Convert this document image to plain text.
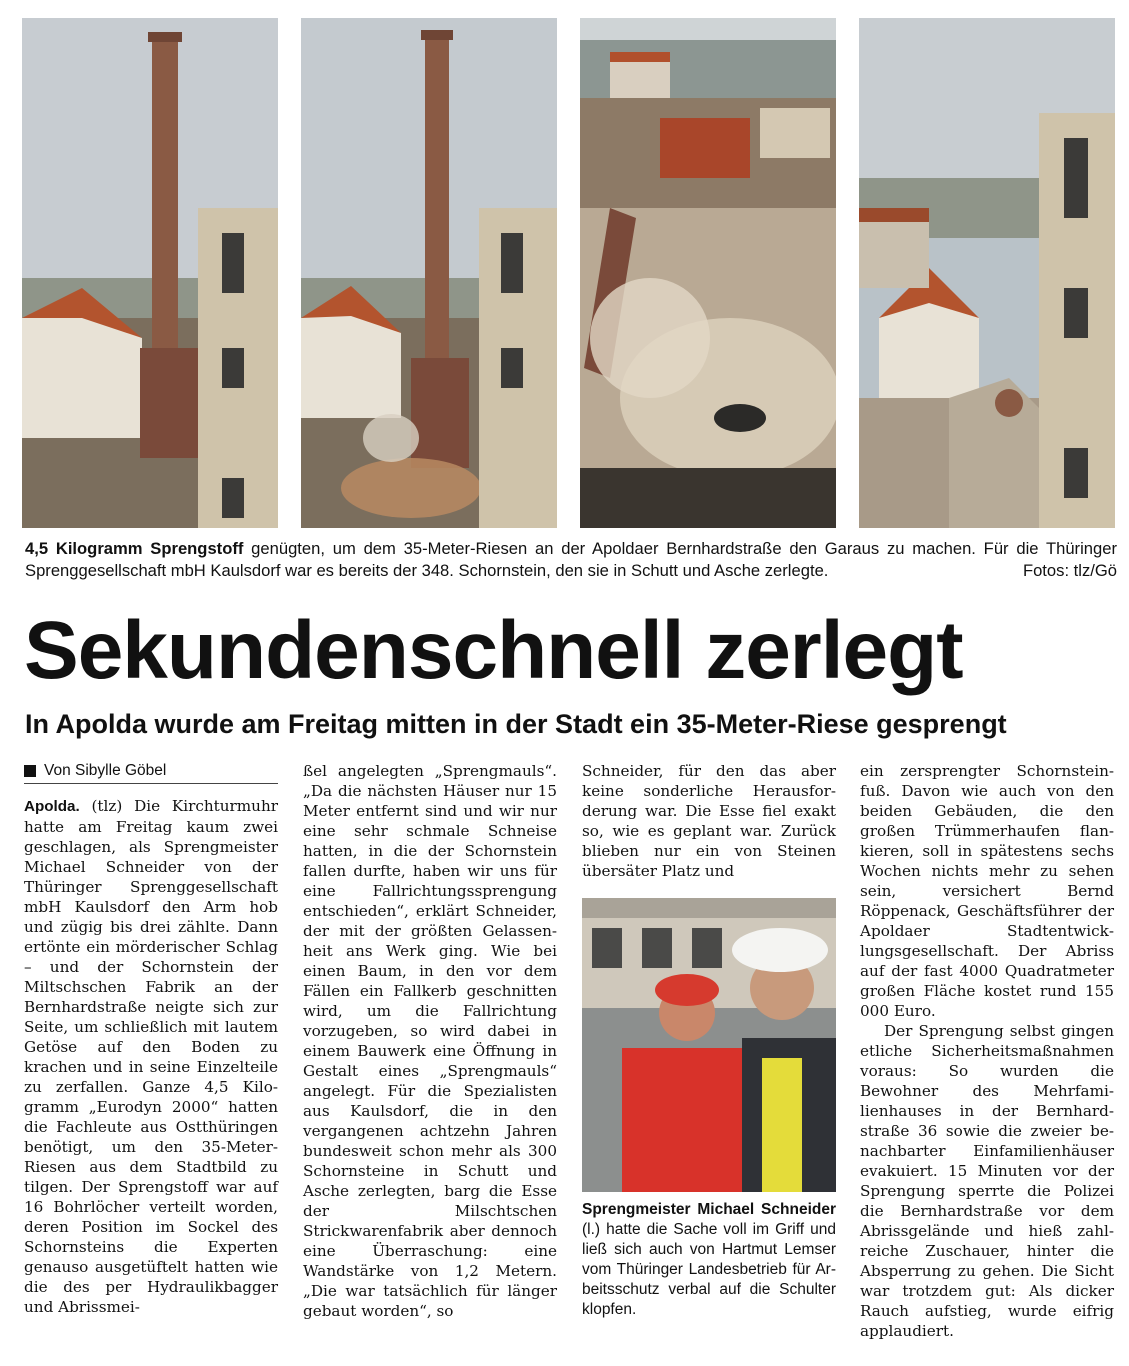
4,5 Kilogramm Sprengstoff genügten, um dem 35-Meter-Riesen an der Apoldaer Bernhardstraße den Garaus zu machen. Für die Thüringer Sprenggesellschaft mbH Kaulsdorf war es bereits der 348. Schornstein, den sie in Schutt und Asche zerlegte.	Fotos: tlz/Gö
Sekundenschnell zerlegt
In Apolda wurde am Freitag mitten in der Stadt ein 35-Meter-Riese gesprengt
Von Sibylle Göbel

Apolda. (tlz) Die Kirchturmuhr hatte am Freitag kaum zwei geschlagen, als Sprengmeister Michael Schneider von der Thüringer Sprenggesellschaft mbH Kaulsdorf den Arm hob und zügig bis drei zählte. Dann ertönte ein mörderischer Schlag – und der Schornstein der Miltschschen Fabrik an der Bernhardstraße neigte sich zur Seite, um schließlich mit lautem Getöse auf den Boden zu krachen und in seine Einzelteile zu zerfallen. Ganze 4,5 Kilogramm „Eurodyn 2000“ hatten die Fachleute aus Ostthüringen benötigt, um den 35-Meter-Riesen aus dem Stadtbild zu tilgen. Der Sprengstoff war auf 16 Bohrlöcher verteilt worden, deren Position im Sockel des Schornsteins die Experten genauso ausgetüftelt hatten wie die des per Hydraulikbagger und Abrissmei-

ßel angelegten „Sprengmauls“. „Da die nächsten Häuser nur 15 Meter entfernt sind und wir nur eine sehr schmale Schneise hatten, in die der Schornstein fallen durfte, haben wir uns für eine Fallrichtungssprengung entschieden“, erklärt Schneider, der mit der größten Gelassenheit ans Werk ging. Wie bei einen Baum, in den vor dem Fällen ein Fallkerb geschnitten wird, um die Fallrichtung vorzugeben, so wird dabei in einem Bauwerk eine Öffnung in Gestalt eines „Sprengmauls“ angelegt. Für die Spezialisten aus Kaulsdorf, die in den vergangenen achtzehn Jahren bundesweit schon mehr als 300 Schornsteine in Schutt und Asche zerlegten, barg die Esse der Milschtschen Strickwarenfabrik aber dennoch eine Überraschung: eine Wandstärke von 1,2 Metern. „Die war tatsächlich für länger gebaut worden“, so

Schneider, für den das aber keine sonderliche Herausforderung war. Die Esse fiel exakt so, wie es geplant war. Zurück blieben nur ein von Steinen übersäter Platz und

Sprengmeister Michael Schneider (l.) hatte die Sache voll im Griff und ließ sich auch von Hartmut Lemser vom Thüringer Landesbetrieb für Arbeitsschutz verbal auf die Schulter klopfen.

ein zersprengter Schornsteinfuß. Davon wie auch von den beiden Gebäuden, die den großen Trümmerhaufen flankieren, soll in spätestens sechs Wochen nichts mehr zu sehen sein, versichert Bernd Röppenack, Geschäftsführer der Apoldaer Stadtentwicklungsgesellschaft. Der Abriss auf der fast 4000 Quadratmeter großen Fläche kostet rund 155 000 Euro.

Der Sprengung selbst gingen etliche Sicherheitsmaßnahmen voraus: So wurden die Bewohner des Mehrfamilienhauses in der Bernhardstraße 36 sowie die zweier benachbarter Einfamilienhäuser evakuiert. 15 Minuten vor der Sprengung sperrte die Polizei die Bernhardstraße vor dem Abrissgelände und hieß zahlreiche Zuschauer, hinter die Absperrung zu gehen. Die Sicht war trotzdem gut: Als dicker Rauch aufstieg, wurde eifrig applaudiert.
